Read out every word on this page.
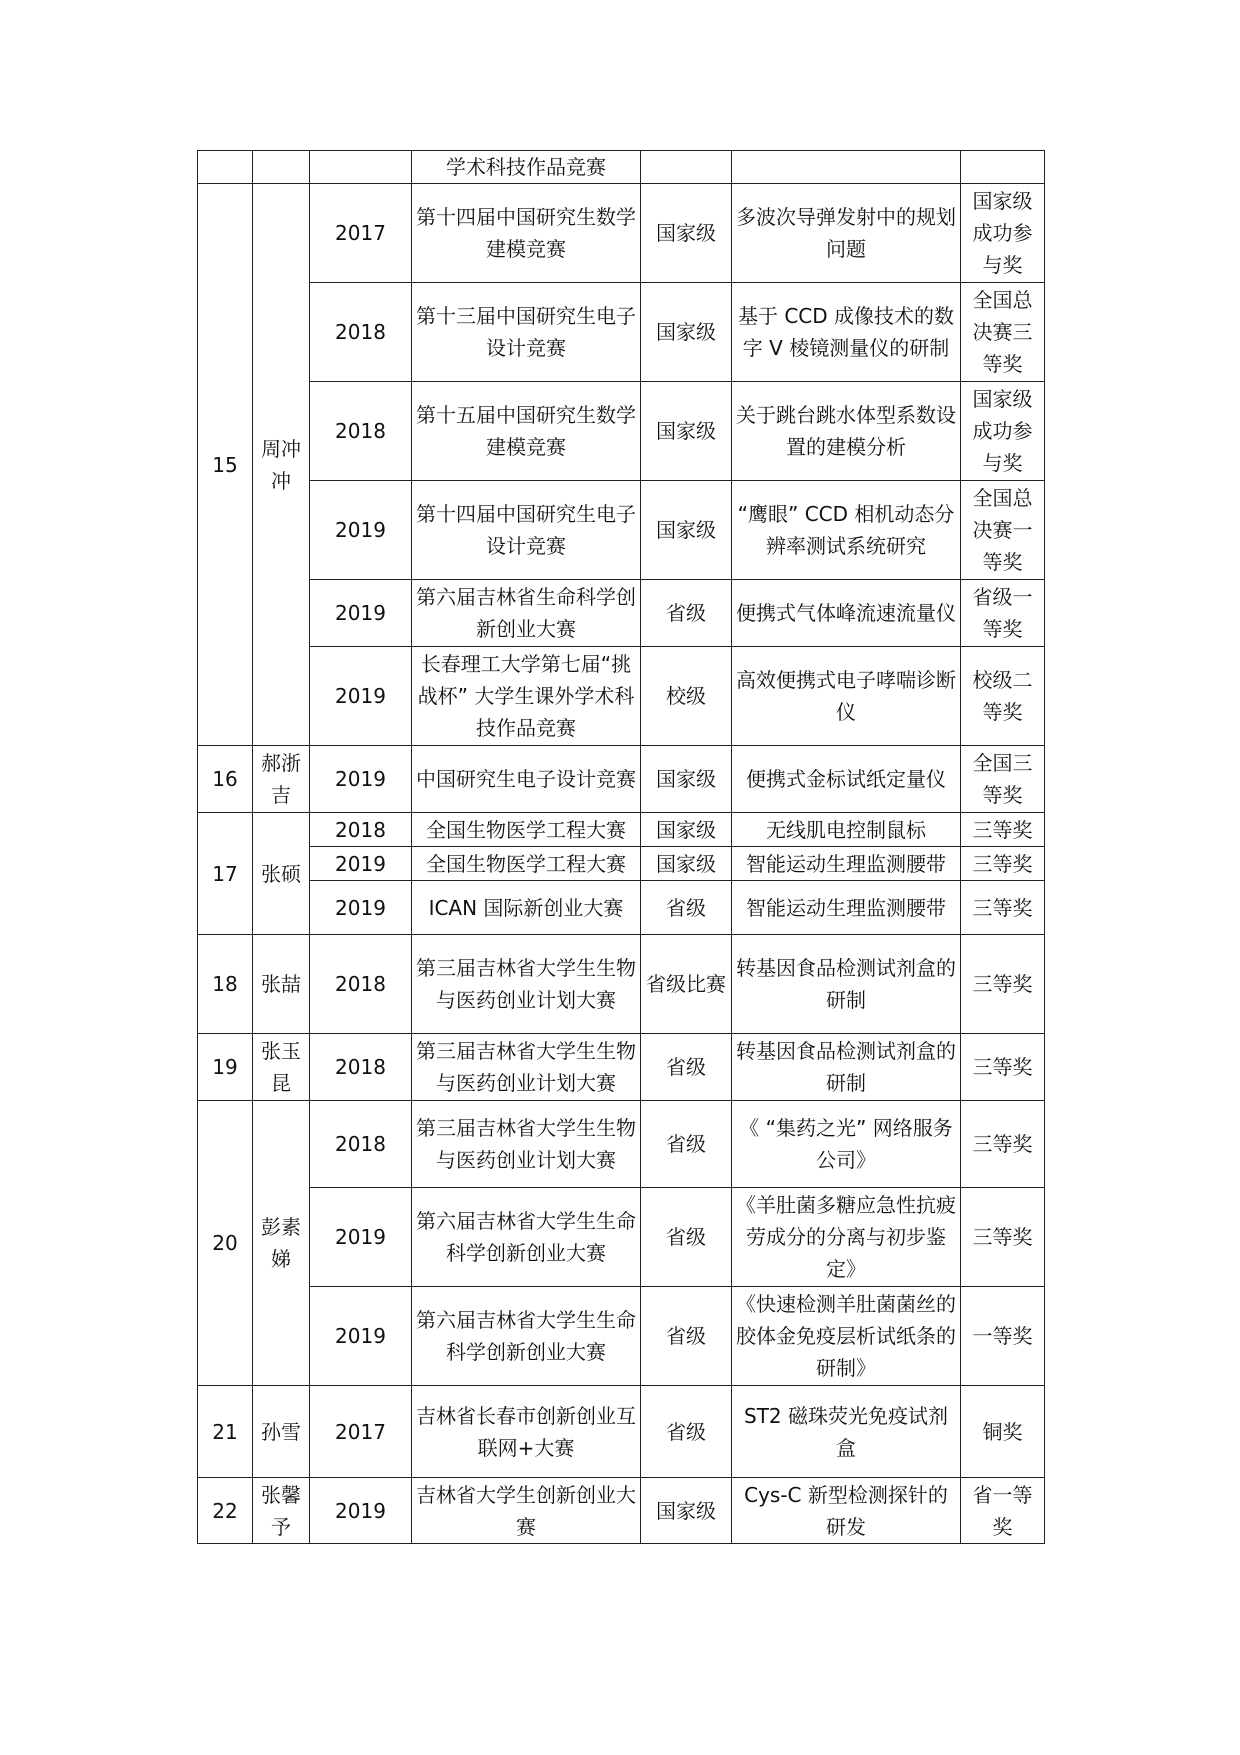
			学术科技作品竞赛			
15	周冲冲	2017	第十四届中国研究生数学建模竞赛	国家级	多波次导弹发射中的规划问题	国家级成功参与奖
		2018	第十三届中国研究生电子设计竞赛	国家级	基于 CCD 成像技术的数字 V 棱镜测量仪的研制	全国总决赛三等奖
		2018	第十五届中国研究生数学建模竞赛	国家级	关于跳台跳水体型系数设置的建模分析	国家级成功参与奖
		2019	第十四届中国研究生电子设计竞赛	国家级	“鹰眼” CCD 相机动态分辨率测试系统研究	全国总决赛一等奖
		2019	第六届吉林省生命科学创新创业大赛	省级	便携式气体峰流速流量仪	省级一等奖
		2019	长春理工大学第七届“挑战杯” 大学生课外学术科技作品竞赛	校级	高效便携式电子哮喘诊断仪	校级二等奖
16	郝浙吉	2019	中国研究生电子设计竞赛	国家级	便携式金标试纸定量仪	全国三等奖
17	张硕	2018	全国生物医学工程大赛	国家级	无线肌电控制鼠标	三等奖
		2019	全国生物医学工程大赛	国家级	智能运动生理监测腰带	三等奖
		2019	ICAN 国际新创业大赛	省级	智能运动生理监测腰带	三等奖
18	张喆	2018	第三届吉林省大学生生物与医药创业计划大赛	省级比赛	转基因食品检测试剂盒的研制	三等奖
19	张玉昆	2018	第三届吉林省大学生生物与医药创业计划大赛	省级	转基因食品检测试剂盒的研制	三等奖
20	彭素娣	2018	第三届吉林省大学生生物与医药创业计划大赛	省级	《 “集药之光” 网络服务公司》	三等奖
		2019	第六届吉林省大学生生命科学创新创业大赛	省级	《羊肚菌多糖应急性抗疲劳成分的分离与初步鉴定》	三等奖
		2019	第六届吉林省大学生生命科学创新创业大赛	省级	《快速检测羊肚菌菌丝的胶体金免疫层析试纸条的研制》	一等奖
21	孙雪	2017	吉林省长春市创新创业互联网+大赛	省级	ST2 磁珠荧光免疫试剂盒	铜奖
22	张馨予	2019	吉林省大学生创新创业大赛	国家级	Cys-C 新型检测探针的研发	省一等奖
